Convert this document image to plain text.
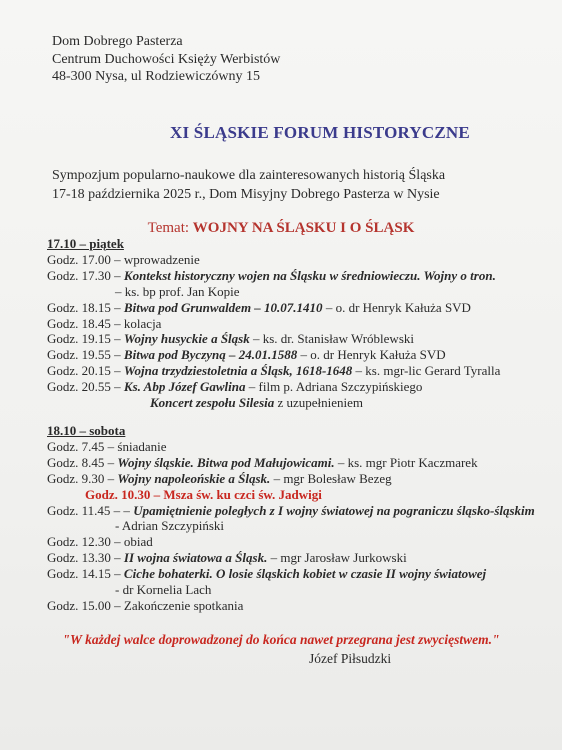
Dom Dobrego Pasterza
Centrum Duchowości Księży Werbistów
48-300 Nysa, ul Rodziewiczówny 15
XI ŚLĄSKIE FORUM HISTORYCZNE
Sympozjum popularno-naukowe dla zainteresowanych historią Śląska
17-18 października 2025 r., Dom Misyjny Dobrego Pasterza w Nysie
Temat: WOJNY NA ŚLĄSKU I O ŚLĄSK
17.10 – piątek
Godz. 17.00 – wprowadzenie
Godz. 17.30 – Kontekst historyczny wojen na Śląsku w średniowieczu. Wojny o tron.
– ks. bp prof. Jan Kopie
Godz. 18.15 – Bitwa pod Grunwaldem – 10.07.1410 – o. dr Henryk Kałuża SVD
Godz. 18.45 – kolacja
Godz. 19.15 – Wojny husyckie a Śląsk – ks. dr. Stanisław Wróblewski
Godz. 19.55 – Bitwa pod Byczyną – 24.01.1588 – o. dr Henryk Kałuża SVD
Godz. 20.15 – Wojna trzydziestoletnia a Śląsk, 1618-1648 – ks. mgr-lic Gerard Tyralla
Godz. 20.55 – Ks. Abp Józef Gawlina – film p. Adriana Szczypińskiego
Koncert zespołu Silesia z uzupełnieniem
18.10 – sobota
Godz. 7.45 – śniadanie
Godz. 8.45 – Wojny śląskie. Bitwa pod Małujowicami. – ks. mgr Piotr Kaczmarek
Godz. 9.30 – Wojny napoleońskie a Śląsk. – mgr Bolesław Bezeg
Godz. 10.30 – Msza św. ku czci św. Jadwigi
Godz. 11.45 – – Upamiętnienie poległych z I wojny światowej na pograniczu śląsko-śląskim
- Adrian Szczypiński
Godz. 12.30 – obiad
Godz. 13.30 – II wojna światowa a Śląsk. – mgr Jarosław Jurkowski
Godz. 14.15 – Ciche bohaterki. O losie śląskich kobiet w czasie II wojny światowej
- dr Kornelia Lach
Godz. 15.00 – Zakończenie spotkania
"W każdej walce doprowadzonej do końca nawet przegrana jest zwycięstwem."
Józef Piłsudzki
